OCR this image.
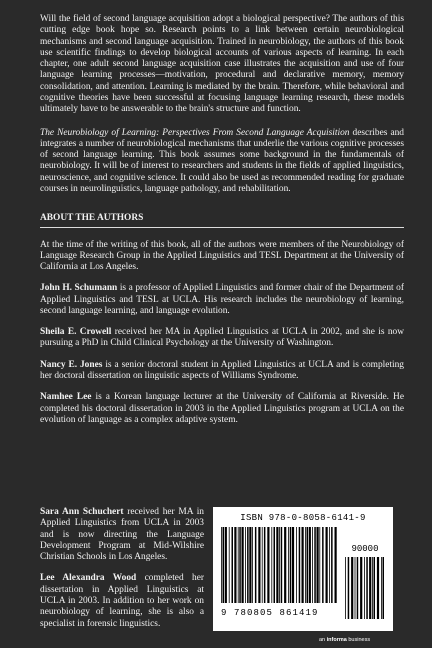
Will the field of second language acquisition adopt a biological perspective? The authors of this cutting edge book hope so. Research points to a link between certain neurobiological mechanisms and second language acquisition. Trained in neurobiology, the authors of this book use scientific findings to develop biological accounts of various aspects of learning. In each chapter, one adult second language acquisition case illustrates the acquisition and use of four language learning processes—motivation, procedural and declarative memory, memory consolidation, and attention. Learning is mediated by the brain. Therefore, while behavioral and cognitive theories have been successful at focusing language learning research, these models ultimately have to be answerable to the brain's structure and function.

The Neurobiology of Learning: Perspectives From Second Language Acquisition describes and integrates a number of neurobiological mechanisms that underlie the various cognitive processes of second language learning. This book assumes some background in the fundamentals of neurobiology. It will be of interest to researchers and students in the fields of applied linguistics, neuroscience, and cognitive science. It could also be used as recommended reading for graduate courses in neurolinguistics, language pathology, and rehabilitation.

ABOUT THE AUTHORS

At the time of the writing of this book, all of the authors were members of the Neurobiology of Language Research Group in the Applied Linguistics and TESL Department at the University of California at Los Angeles.

John H. Schumann is a professor of Applied Linguistics and former chair of the Department of Applied Linguistics and TESL at UCLA. His research includes the neurobiology of learning, second language learning, and language evolution.

Sheila E. Crowell received her MA in Applied Linguistics at UCLA in 2002, and she is now pursuing a PhD in Child Clinical Psychology at the University of Washington.

Nancy E. Jones is a senior doctoral student in Applied Linguistics at UCLA and is completing her doctoral dissertation on linguistic aspects of Williams Syndrome.

Namhee Lee is a Korean language lecturer at the University of California at Riverside. He completed his doctoral dissertation in 2003 in the Applied Linguistics program at UCLA on the evolution of language as a complex adaptive system.

Sara Ann Schuchert received her MA in Applied Linguistics from UCLA in 2003 and is now directing the Language Development Program at Mid-Wilshire Christian Schools in Los Angeles.

Lee Alexandra Wood completed her dissertation in Applied Linguistics at UCLA in 2003. In addition to her work on neurobiology of learning, she is also a specialist in forensic linguistics.

ISBN 978-0-8058-6141-9
9 780805 861419
90000
an informa business
